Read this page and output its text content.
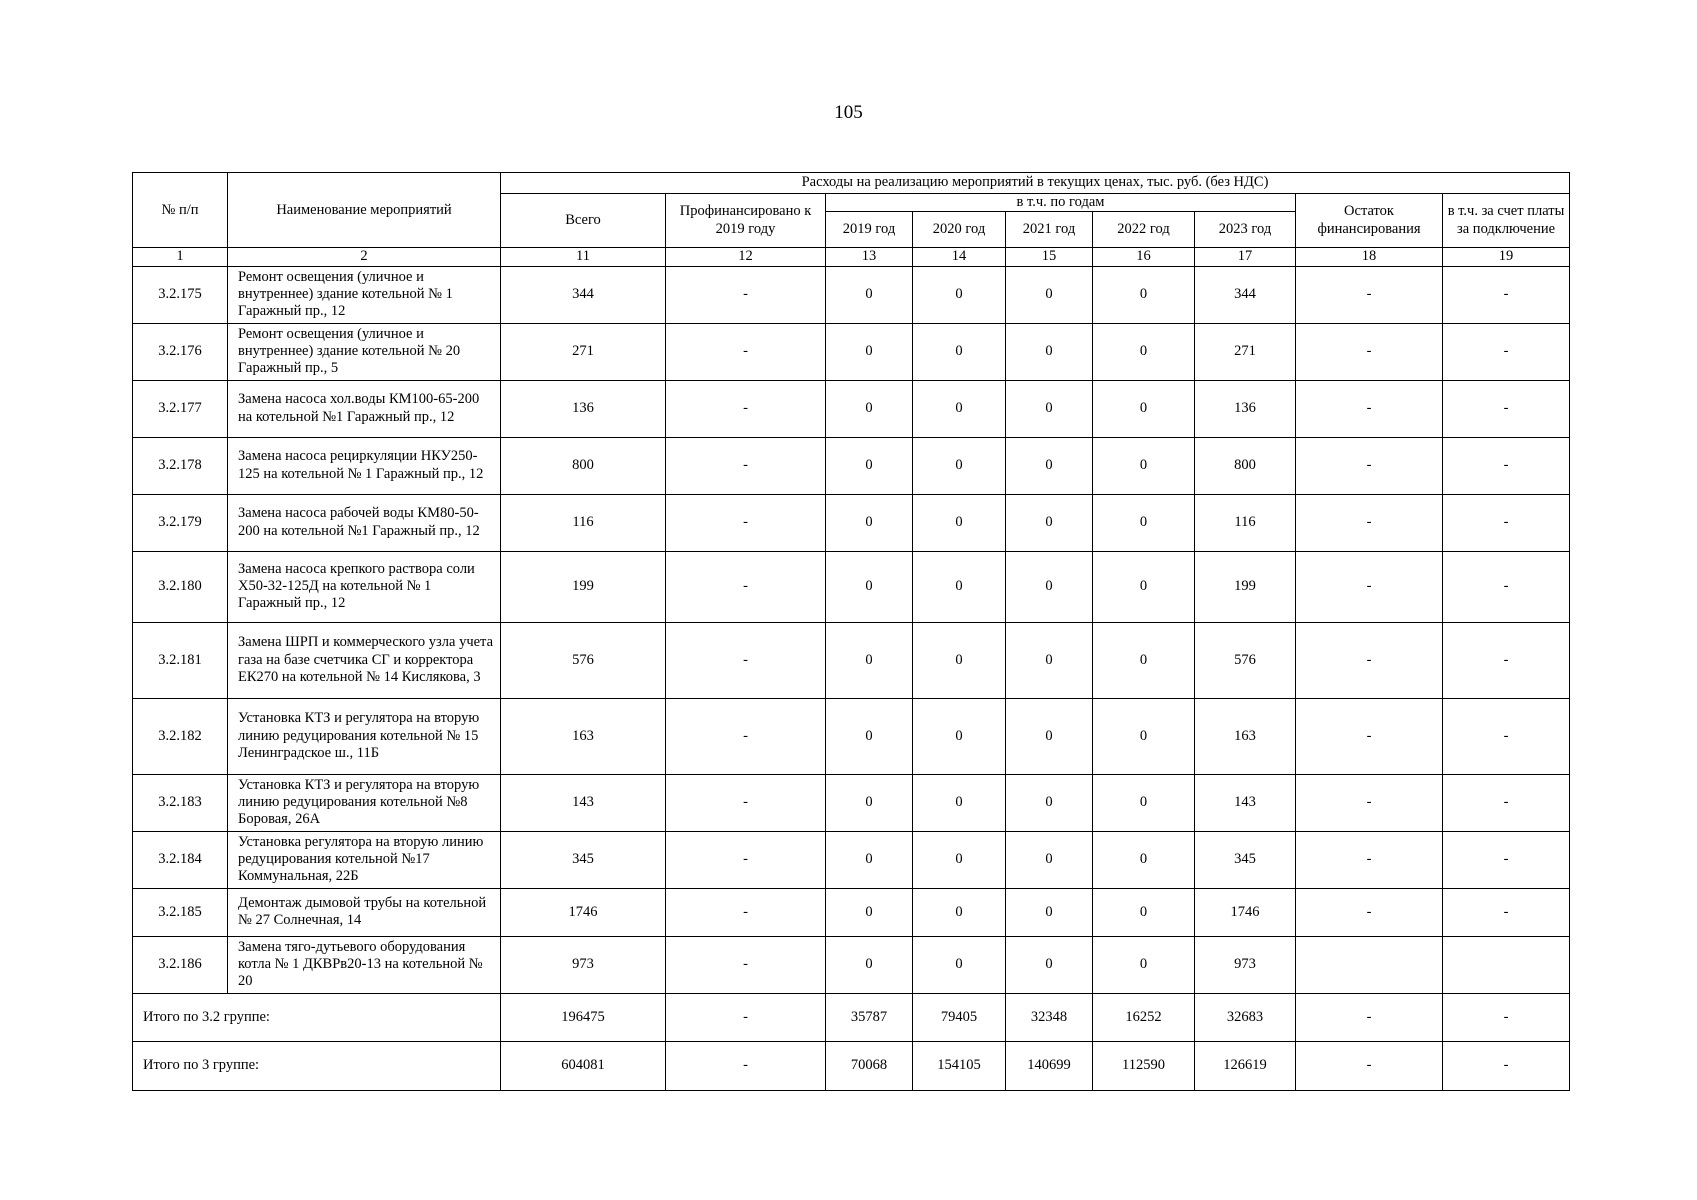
105
№ п/п	Наименование мероприятий	Расходы на реализацию мероприятий в текущих ценах, тыс. руб. (без НДС)								
		Всего	Профинансировано к 2019 году	в т.ч. по годам					Остаток финансирования	в т.ч. за счет платы за подключение
				2019 год	2020 год	2021 год	2022 год	2023 год		
1	2	11	12	13	14	15	16	17	18	19
3.2.175	Ремонт освещения (уличное и внутреннее) здание котельной № 1 Гаражный пр., 12	344	-	0	0	0	0	344	-	-
3.2.176	Ремонт освещения (уличное и внутреннее) здание котельной № 20 Гаражный пр., 5	271	-	0	0	0	0	271	-	-
3.2.177	Замена насоса хол.воды КМ100-65-200 на котельной №1 Гаражный пр., 12	136	-	0	0	0	0	136	-	-
3.2.178	Замена насоса рециркуляции НКУ250-125 на котельной № 1 Гаражный пр., 12	800	-	0	0	0	0	800	-	-
3.2.179	Замена насоса рабочей воды КМ80-50-200 на котельной №1 Гаражный пр., 12	116	-	0	0	0	0	116	-	-
3.2.180	Замена насоса крепкого раствора соли Х50-32-125Д на котельной № 1 Гаражный пр., 12	199	-	0	0	0	0	199	-	-
3.2.181	Замена ШРП и коммерческого узла учета газа на базе счетчика СГ и корректора ЕК270 на котельной № 14 Кислякова, 3	576	-	0	0	0	0	576	-	-
3.2.182	Установка КТЗ и регулятора на вторую линию редуцирования котельной № 15 Ленинградское ш., 11Б	163	-	0	0	0	0	163	-	-
3.2.183	Установка КТЗ и регулятора на вторую линию редуцирования котельной №8 Боровая, 26А	143	-	0	0	0	0	143	-	-
3.2.184	Установка регулятора на вторую линию редуцирования котельной №17 Коммунальная, 22Б	345	-	0	0	0	0	345	-	-
3.2.185	Демонтаж дымовой трубы на котельной № 27 Солнечная, 14	1746	-	0	0	0	0	1746	-	-
3.2.186	Замена тяго-дутьевого оборудования котла № 1 ДКВРв20-13 на котельной № 20	973	-	0	0	0	0	973		
Итого по 3.2 группе:		196475	-	35787	79405	32348	16252	32683	-	-
Итого по 3 группе:		604081	-	70068	154105	140699	112590	126619	-	-
